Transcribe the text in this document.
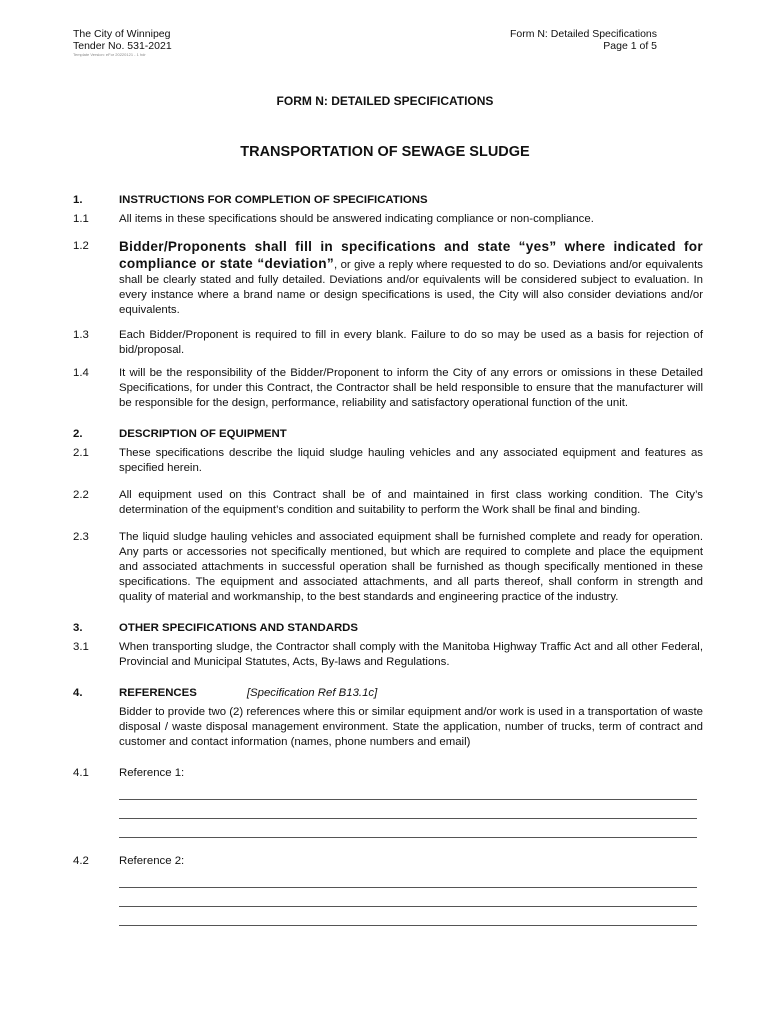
The City of Winnipeg
Tender No. 531-2021
Template Version: eFor 20220121 - 1 hdr
Form N: Detailed Specifications
Page 1 of 5
FORM N: DETAILED SPECIFICATIONS
TRANSPORTATION OF SEWAGE SLUDGE
1.	INSTRUCTIONS FOR COMPLETION OF SPECIFICATIONS
1.1	All items in these specifications should be answered indicating compliance or non-compliance.
1.2	Bidder/Proponents shall fill in specifications and state “yes” where indicated for compliance or state “deviation”, or give a reply where requested to do so. Deviations and/or equivalents shall be clearly stated and fully detailed. Deviations and/or equivalents will be considered subject to evaluation. In every instance where a brand name or design specifications is used, the City will also consider deviations and/or equivalents.
1.3	Each Bidder/Proponent is required to fill in every blank. Failure to do so may be used as a basis for rejection of bid/proposal.
1.4	It will be the responsibility of the Bidder/Proponent to inform the City of any errors or omissions in these Detailed Specifications, for under this Contract, the Contractor shall be held responsible to ensure that the manufacturer will be responsible for the design, performance, reliability and satisfactory operational function of the unit.
2.	DESCRIPTION OF EQUIPMENT
2.1	These specifications describe the liquid sludge hauling vehicles and any associated equipment and features as specified herein.
2.2	All equipment used on this Contract shall be of and maintained in first class working condition. The City’s determination of the equipment’s condition and suitability to perform the Work shall be final and binding.
2.3	The liquid sludge hauling vehicles and associated equipment shall be furnished complete and ready for operation. Any parts or accessories not specifically mentioned, but which are required to complete and place the equipment and associated attachments in successful operation shall be furnished as though specifically mentioned in these specifications. The equipment and associated attachments, and all parts thereof, shall conform in strength and quality of material and workmanship, to the best standards and engineering practice of the industry.
3.	OTHER SPECIFICATIONS AND STANDARDS
3.1	When transporting sludge, the Contractor shall comply with the Manitoba Highway Traffic Act and all other Federal, Provincial and Municipal Statutes, Acts, By-laws and Regulations.
4.	REFERENCES	[Specification Ref B13.1c]
Bidder to provide two (2) references where this or similar equipment and/or work is used in a transportation of waste disposal / waste disposal management environment. State the application, number of trucks, term of contract and customer and contact information (names, phone numbers and email)
4.1	Reference 1:
4.2	Reference 2:
